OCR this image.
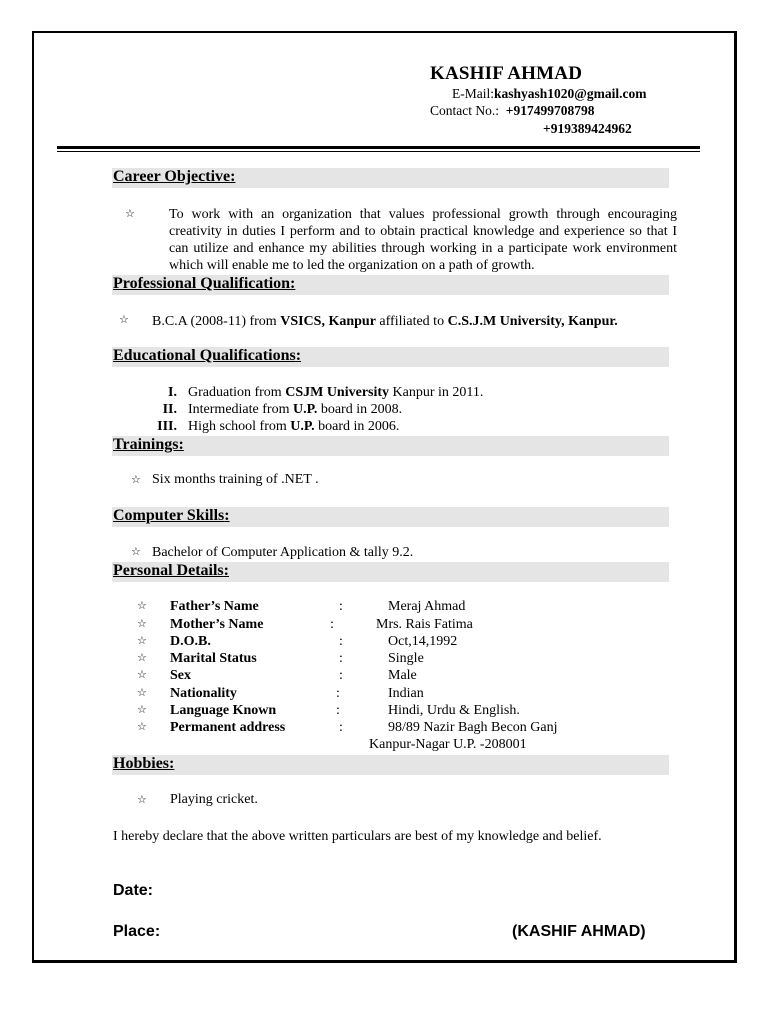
KASHIF AHMAD
E-Mail:kashyash1020@gmail.com
Contact No.: +917499708798
+919389424962
Career Objective:
☆ To work with an organization that values professional growth through encouraging creativity in duties I perform and to obtain practical knowledge and experience so that I can utilize and enhance my abilities through working in a participate work environment which will enable me to led the organization on a path of growth.
Professional Qualification:
☆ B.C.A (2008-11) from VSICS, Kanpur affiliated to C.S.J.M University, Kanpur.
Educational Qualifications:
I. Graduation from CSJM University Kanpur in 2011.
II. Intermediate from U.P. board in 2008.
III. High school from U.P. board in 2006.
Trainings:
☆ Six months training of .NET .
Computer Skills:
☆ Bachelor of Computer Application & tally 9.2.
Personal Details:
☆ Father’s Name	:	Meraj Ahmad
☆ Mother’s Name	:	Mrs. Rais Fatima
☆ D.O.B.	:	Oct,14,1992
☆ Marital Status	:	Single
☆ Sex	:	Male
☆ Nationality	:	Indian
☆ Language Known	:	Hindi, Urdu & English.
☆ Permanent address	:	98/89 Nazir Bagh Becon Ganj
Kanpur-Nagar U.P. -208001
Hobbies:
☆ Playing cricket.
I hereby declare that the above written particulars are best of my knowledge and belief.
Date:
Place:	(KASHIF AHMAD)
